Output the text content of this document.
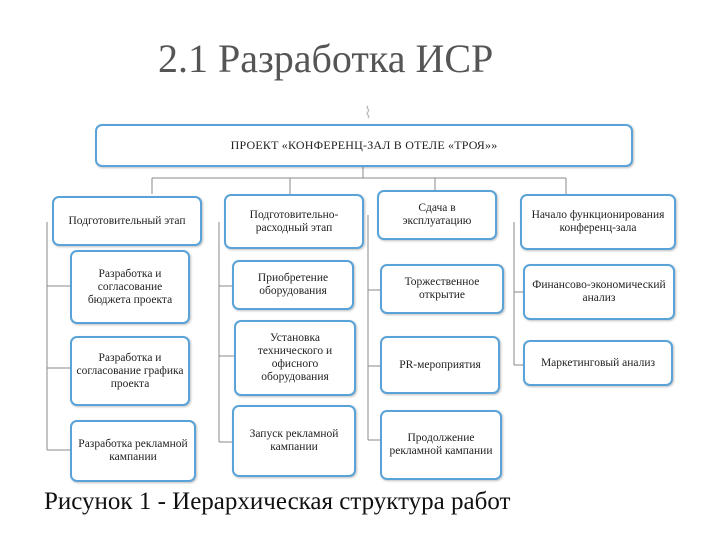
2.1 Разработка ИСР
⌇
ПРОЕКТ «КОНФЕРЕНЦ-ЗАЛ В ОТЕЛЕ «ТРОЯ»»
Подготовительный этап	Подготовительно-расходный этап
Сдача в эксплуатацию	Начало функционирования конференц-зала
Разработка и согласование бюджета проекта
Разработка и согласование графика проекта
Разработка рекламной кампании
Приобретение оборудования
Установка технического и офисного оборудования
Запуск рекламной кампании
Торжественное открытие
PR-мероприятия
Продолжение рекламной кампании
Финансово-экономический анализ
Маркетинговый анализ
Рисунок 1 - Иерархическая структура работ
